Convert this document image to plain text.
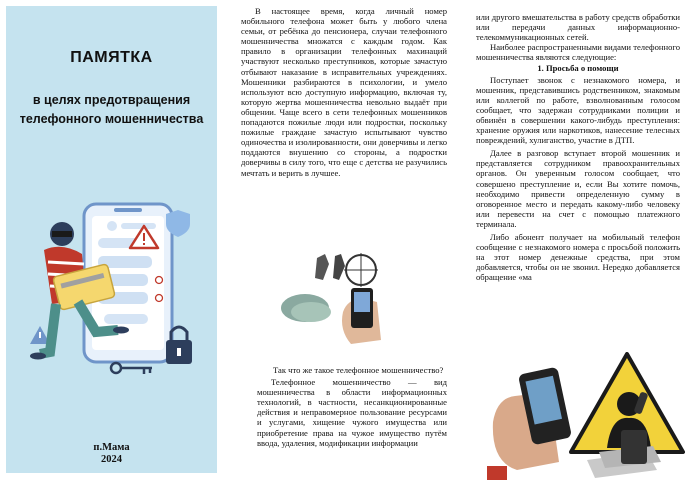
ПАМЯТКА
в целях предотвращения телефонного мошенничества
п.Мама
2024

В настоящее время, когда личный номер мобильного телефона может быть у любого члена семьи, от ребёнка до пенсионера, случаи телефонного мошенничества множатся с каждым годом. Как правило в организации телефонных махинаций участвуют несколько преступников, которые зачастую отбывают наказание в исправительных учреждениях. Мошенники разбираются в психологии, и умело используют всю доступную информацию, включая ту, которую жертва мошенничества невольно выдаёт при общении. Чаще всего в сети телефонных мошенников попадаются пожилые люди или подростки, поскольку пожилые граждане зачастую испытывают чувство одиночества и изолированности, они доверчивы и легко поддаются внушению со стороны, а подростки доверчивы в силу того, что еще с детства не разучились мечтать и верить в лучшее.

Так что же такое телефонное мошенничество?

Телефонное мошенничество — вид мошенничества в области информационных технологий, в частности, несанкционированные действия и неправомерное пользование ресурсами и услугами, хищение чужого имущества или приобретение права на чужое имущество путём ввода, удаления, модификации информации

или другого вмешательства в работу средств обработки или передачи данных информационно-телекоммуникационных сетей.

Наиболее распространенными видами телефонного мошенничества являются следующие:

1. Просьба о помощи

Поступает звонок с незнакомого номера, и мошенник, представившись родственником, знакомым или коллегой по работе, взволнованным голосом сообщает, что задержан сотрудниками полиции и обвинён в совершении какого-либудь преступления: хранение оружия или наркотиков, нанесение телесных повреждений, хулиганство, участие в ДТП.

Далее в разговор вступает второй мошенник и представляется сотрудником правоохранительных органов. Он уверенным голосом сообщает, что совершено преступление и, если Вы хотите помочь, необходимо привести определенную сумму в оговоренное место и передать какому-либо человеку или перевести на счет с помощью платежного терминала.

Либо абонент получает на мобильный телефон сообщение с незнакомого номера с просьбой положить на этот номер денежные средства, при этом добавляется, чтобы он не звонил. Нередко добавляется обращение «ма
